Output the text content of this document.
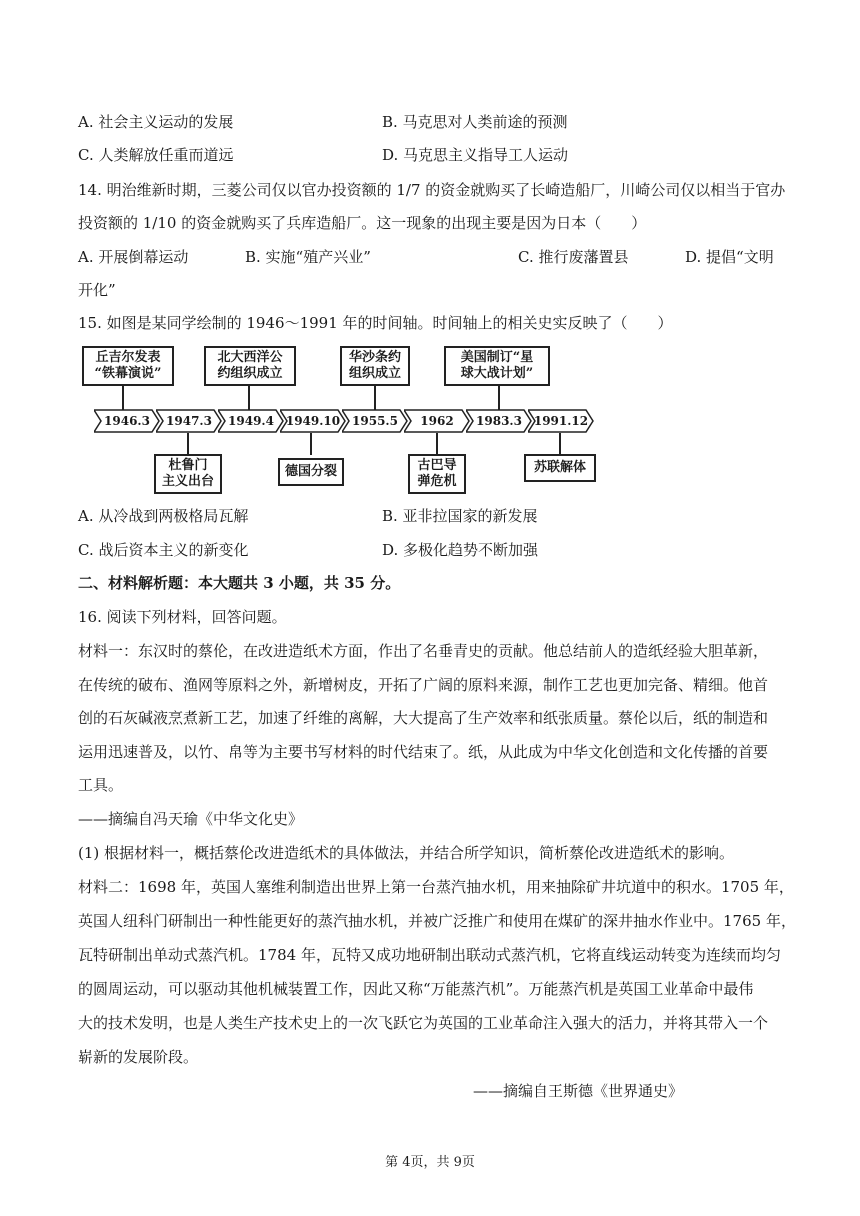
A. 社会主义运动的发展	B. 马克思对人类前途的预测
C. 人类解放任重而道远	D. 马克思主义指导工人运动
14. 明治维新时期，三菱公司仅以官办投资额的 1/7 的资金就购买了长崎造船厂，川崎公司仅以相当于官办
投资额的 1/10 的资金就购买了兵库造船厂。这一现象的出现主要是因为日本（　　）
A. 开展倒幕运动	B. 实施“殖产兴业”	C. 推行废藩置县	D. 提倡“文明
开化”
15. 如图是某同学绘制的 1946～1991 年的时间轴。时间轴上的相关史实反映了（　　）
丘吉尔发表
“铁幕演说”
北大西洋公
约组织成立
华沙条约
组织成立
美国制订“星
球大战计划”
1946.3	1947.3	1949.4 1949.10 1955.5	1962	1983.3 1991.12
杜鲁门
主义出台
德国分裂	古巴导
弹危机
苏联解体
A. 从冷战到两极格局瓦解	B. 亚非拉国家的新发展
C. 战后资本主义的新变化	D. 多极化趋势不断加强
二、材料解析题：本大题共 3 小题，共 35 分。
16. 阅读下列材料，回答问题。
材料一：东汉时的蔡伦，在改进造纸术方面，作出了名垂青史的贡献。他总结前人的造纸经验大胆革新，
在传统的破布、渔网等原料之外，新增树皮，开拓了广阔的原料来源，制作工艺也更加完备、精细。他首
创的石灰碱液烹煮新工艺，加速了纤维的离解，大大提高了生产效率和纸张质量。蔡伦以后，纸的制造和
运用迅速普及，以竹、帛等为主要书写材料的时代结束了。纸，从此成为中华文化创造和文化传播的首要
工具。
——摘编自冯天瑜《中华文化史》
(1) 根据材料一，概括蔡伦改进造纸术的具体做法，并结合所学知识，简析蔡伦改进造纸术的影响。
材料二：1698 年，英国人塞维利制造出世界上第一台蒸汽抽水机，用来抽除矿井坑道中的积水。1705 年，
英国人纽科门研制出一种性能更好的蒸汽抽水机，并被广泛推广和使用在煤矿的深井抽水作业中。1765 年，
瓦特研制出单动式蒸汽机。1784 年，瓦特又成功地研制出联动式蒸汽机，它将直线运动转变为连续而均匀
的圆周运动，可以驱动其他机械装置工作，因此又称“万能蒸汽机”。万能蒸汽机是英国工业革命中最伟
大的技术发明，也是人类生产技术史上的一次飞跃它为英国的工业革命注入强大的活力，并将其带入一个
崭新的发展阶段。
——摘编自王斯德《世界通史》
第 4页，共 9页
